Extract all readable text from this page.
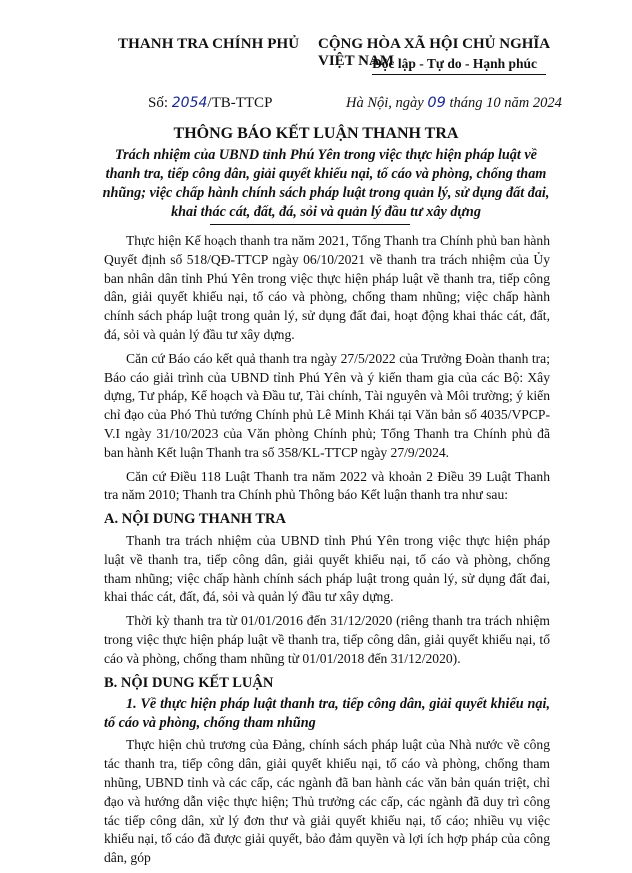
THANH TRA CHÍNH PHỦ CỘNG HÒA XÃ HỘI CHỦ NGHĨA VIỆT NAM
Độc lập - Tự do - Hạnh phúc
Số: 2054/TB-TTCP	Hà Nội, ngày 09 tháng 10 năm 2024
THÔNG BÁO KẾT LUẬN THANH TRA
Trách nhiệm của UBND tỉnh Phú Yên trong việc thực hiện pháp luật về thanh tra, tiếp công dân, giải quyết khiếu nại, tố cáo và phòng, chống tham nhũng; việc chấp hành chính sách pháp luật trong quản lý, sử dụng đất đai, khai thác cát, đất, đá, sỏi và quản lý đầu tư xây dựng

Thực hiện Kế hoạch thanh tra năm 2021, Tổng Thanh tra Chính phủ ban hành Quyết định số 518/QĐ-TTCP ngày 06/10/2021 về thanh tra trách nhiệm của Ủy ban nhân dân tỉnh Phú Yên trong việc thực hiện pháp luật về thanh tra, tiếp công dân, giải quyết khiếu nại, tố cáo và phòng, chống tham nhũng; việc chấp hành chính sách pháp luật trong quản lý, sử dụng đất đai, hoạt động khai thác cát, đất, đá, sỏi và quản lý đầu tư xây dựng.

Căn cứ Báo cáo kết quả thanh tra ngày 27/5/2022 của Trưởng Đoàn thanh tra; Báo cáo giải trình của UBND tỉnh Phú Yên và ý kiến tham gia của các Bộ: Xây dựng, Tư pháp, Kế hoạch và Đầu tư, Tài chính, Tài nguyên và Môi trường; ý kiến chỉ đạo của Phó Thủ tướng Chính phủ Lê Minh Khái tại Văn bản số 4035/VPCP-V.I ngày 31/10/2023 của Văn phòng Chính phủ; Tổng Thanh tra Chính phủ đã ban hành Kết luận Thanh tra số 358/KL-TTCP ngày 27/9/2024.

Căn cứ Điều 118 Luật Thanh tra năm 2022 và khoản 2 Điều 39 Luật Thanh tra năm 2010; Thanh tra Chính phủ Thông báo Kết luận thanh tra như sau:

A. NỘI DUNG THANH TRA

Thanh tra trách nhiệm của UBND tỉnh Phú Yên trong việc thực hiện pháp luật về thanh tra, tiếp công dân, giải quyết khiếu nại, tố cáo và phòng, chống tham nhũng; việc chấp hành chính sách pháp luật trong quản lý, sử dụng đất đai, khai thác cát, đất, đá, sỏi và quản lý đầu tư xây dựng.

Thời kỳ thanh tra từ 01/01/2016 đến 31/12/2020 (riêng thanh tra trách nhiệm trong việc thực hiện pháp luật về thanh tra, tiếp công dân, giải quyết khiếu nại, tố cáo và phòng, chống tham nhũng từ 01/01/2018 đến 31/12/2020).

B. NỘI DUNG KẾT LUẬN
1. Về thực hiện pháp luật thanh tra, tiếp công dân, giải quyết khiếu nại, tố cáo và phòng, chống tham nhũng

Thực hiện chủ trương của Đảng, chính sách pháp luật của Nhà nước về công tác thanh tra, tiếp công dân, giải quyết khiếu nại, tố cáo và phòng, chống tham nhũng, UBND tỉnh và các cấp, các ngành đã ban hành các văn bản quán triệt, chỉ đạo và hướng dẫn việc thực hiện; Thủ trưởng các cấp, các ngành đã duy trì công tác tiếp công dân, xử lý đơn thư và giải quyết khiếu nại, tố cáo; nhiều vụ việc khiếu nại, tố cáo đã được giải quyết, bảo đảm quyền và lợi ích hợp pháp của công dân, góp
